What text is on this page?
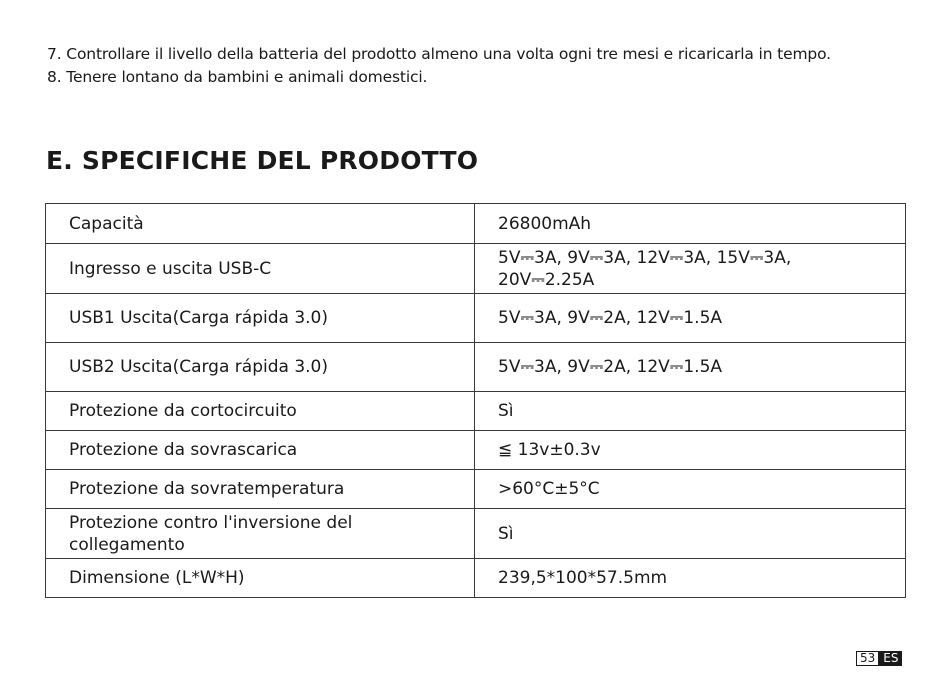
7. Controllare il livello della batteria del prodotto almeno una volta ogni tre mesi e ricaricarla in tempo.
8. Tenere lontano da bambini e animali domestici.
E. SPECIFICHE DEL PRODOTTO
Capacità	26800mAh
Ingresso e uscita USB-C	5V⎓3A, 9V⎓3A, 12V⎓3A, 15V⎓3A,
20V⎓2.25A

USB1 Uscita(Carga rápida 3.0)	5V⎓3A, 9V⎓2A, 12V⎓1.5A
USB2 Uscita(Carga rápida 3.0)	5V⎓3A, 9V⎓2A, 12V⎓1.5A
Protezione da cortocircuito	Sì
Protezione da sovrascarica	≦ 13v±0.3v
Protezione da sovratemperatura	>60°C±5°C

Protezione contro l'inversione del
collegamento	Sì
Dimensione (L*W*H)	239,5*100*57.5mm
53 ES
